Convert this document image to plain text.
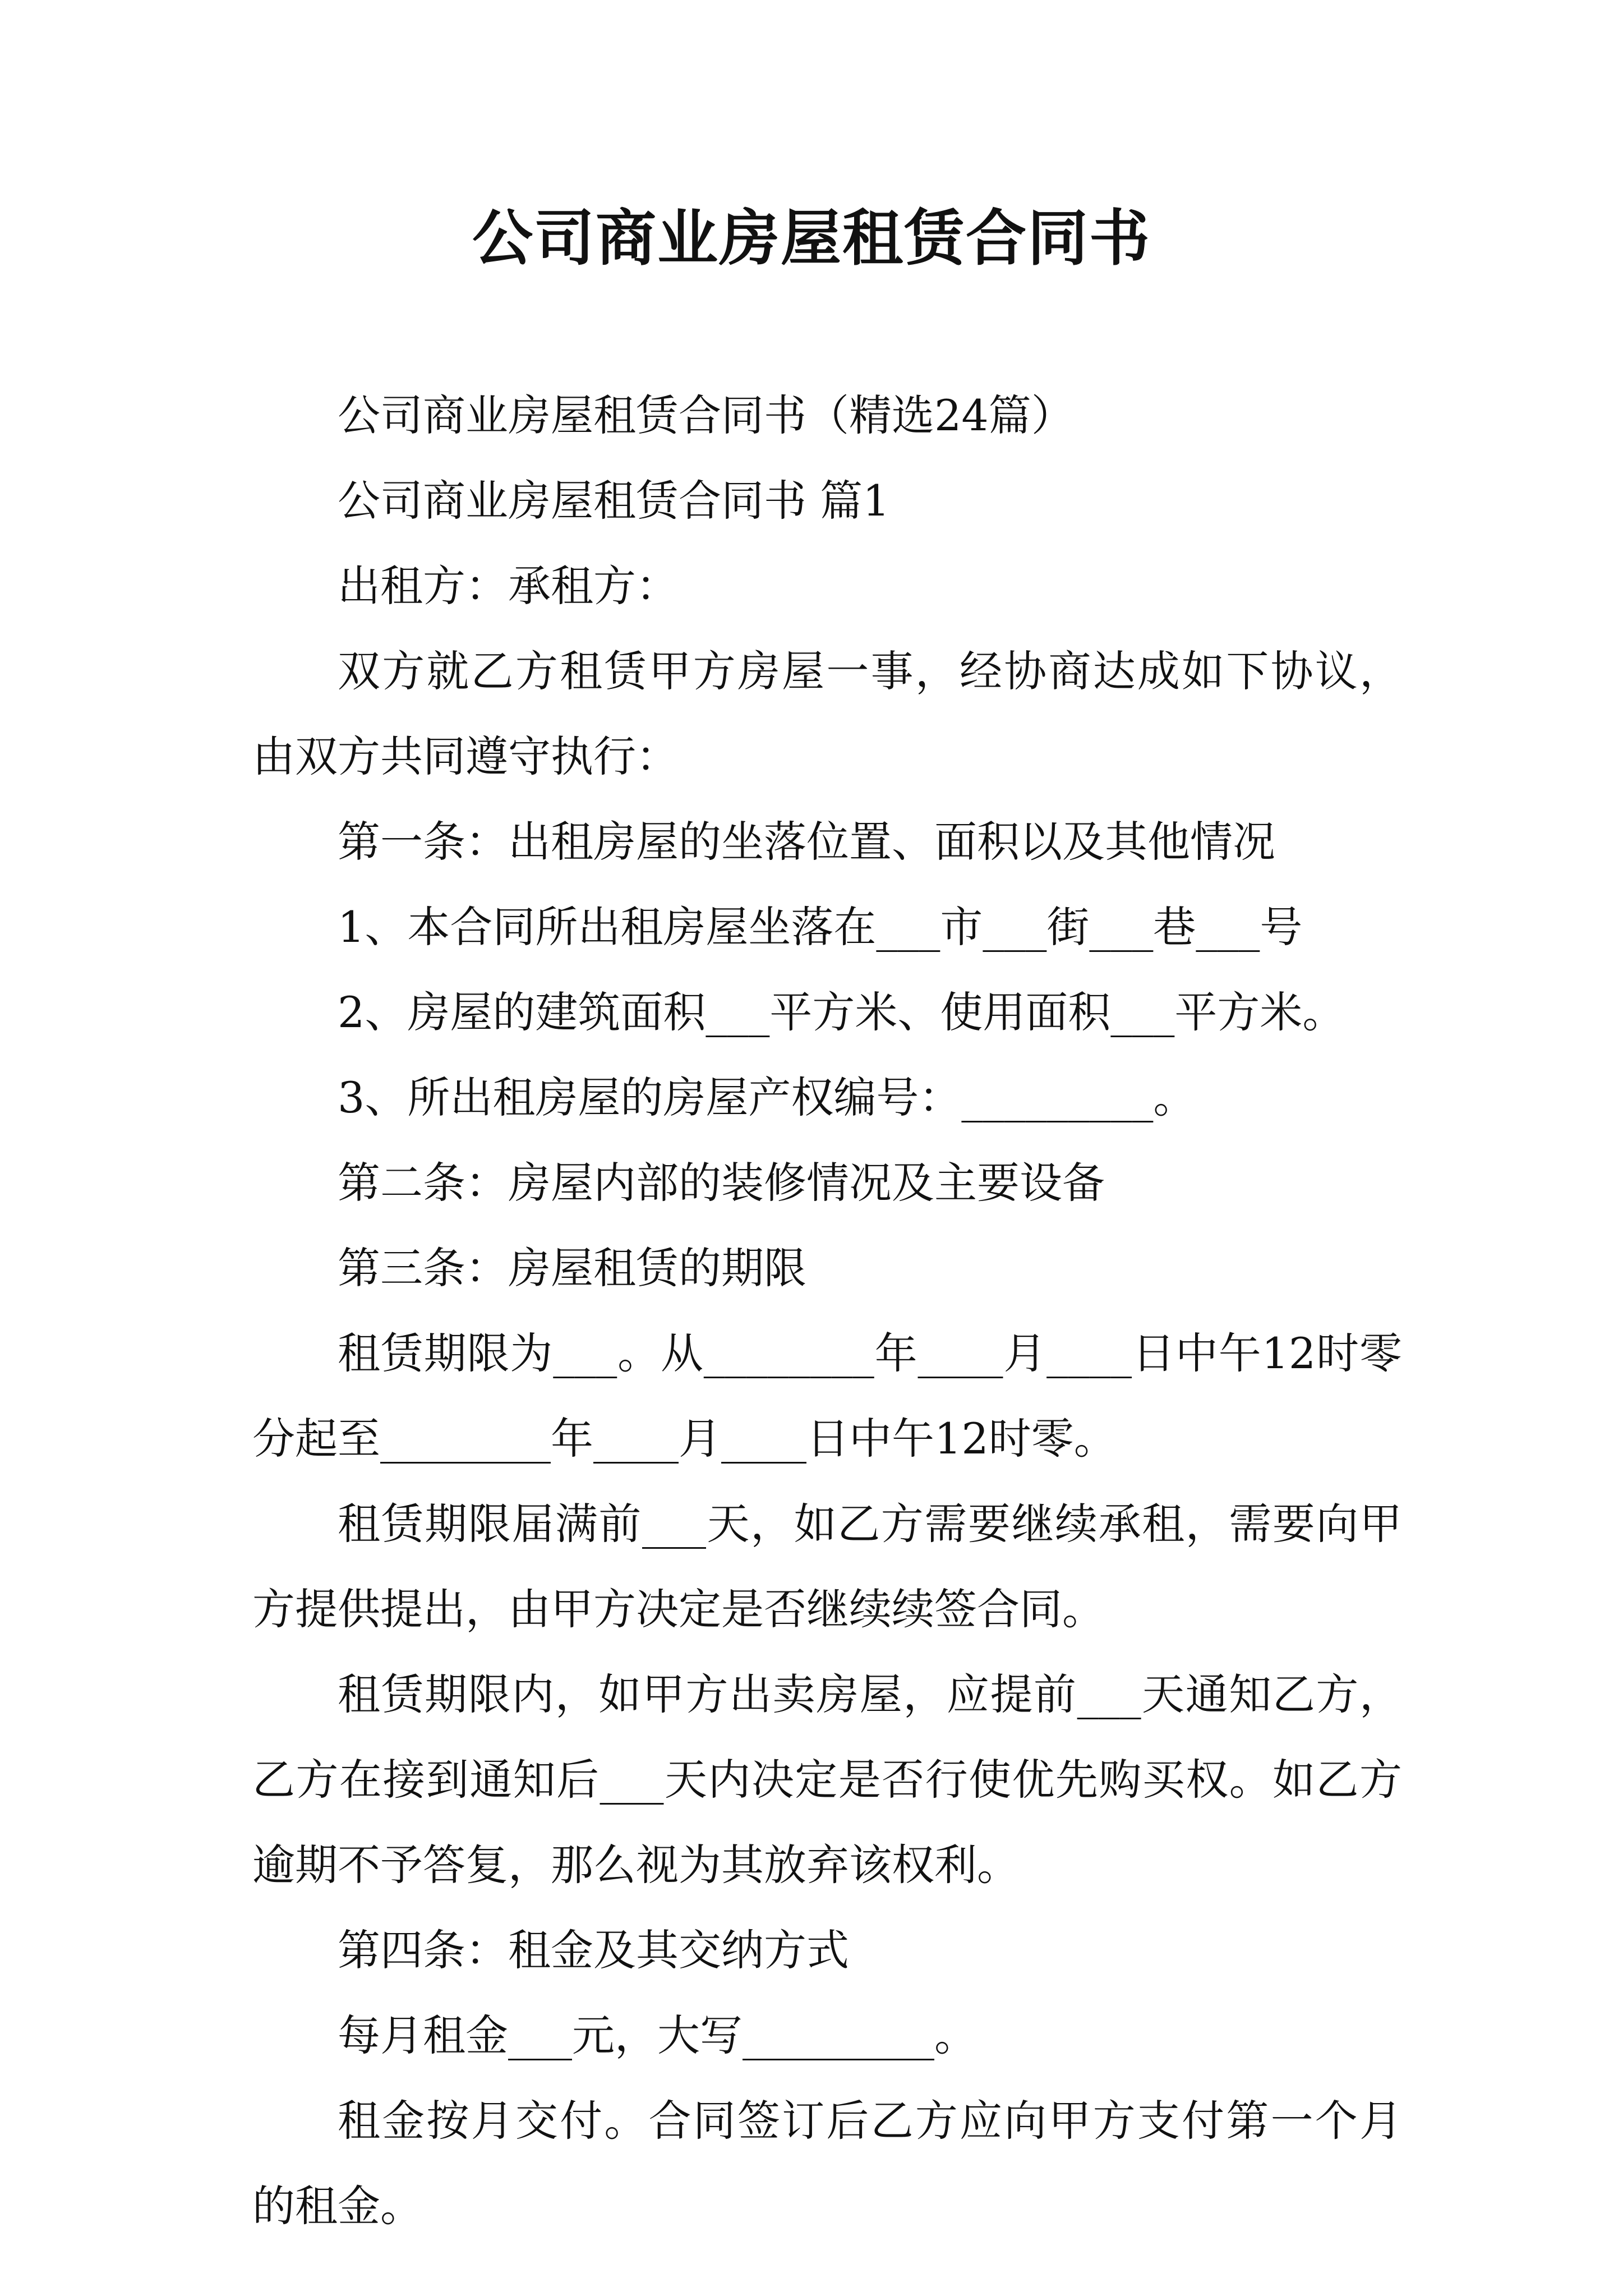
公司商业房屋租赁合同书

公司商业房屋租赁合同书（精选24篇）

公司商业房屋租赁合同书 篇1

出租方：承租方：

双方就乙方租赁甲方房屋一事，经协商达成如下协议，由双方共同遵守执行：

第一条：出租房屋的坐落位置、面积以及其他情况

1、本合同所出租房屋坐落在___市___街___巷___号

2、房屋的建筑面积___平方米、使用面积___平方米。

3、所出租房屋的房屋产权编号：_________。

第二条：房屋内部的装修情况及主要设备

第三条：房屋租赁的期限

租赁期限为___。从________年____月____日中午12时零分起至________年____月____日中午12时零。

租赁期限届满前___天，如乙方需要继续承租，需要向甲方提供提出，由甲方决定是否继续续签合同。

租赁期限内，如甲方出卖房屋，应提前___天通知乙方，乙方在接到通知后___天内决定是否行使优先购买权。如乙方逾期不予答复，那么视为其放弃该权利。

第四条：租金及其交纳方式

每月租金___元，大写_________。

租金按月交付。合同签订后乙方应向甲方支付第一个月的租金。
